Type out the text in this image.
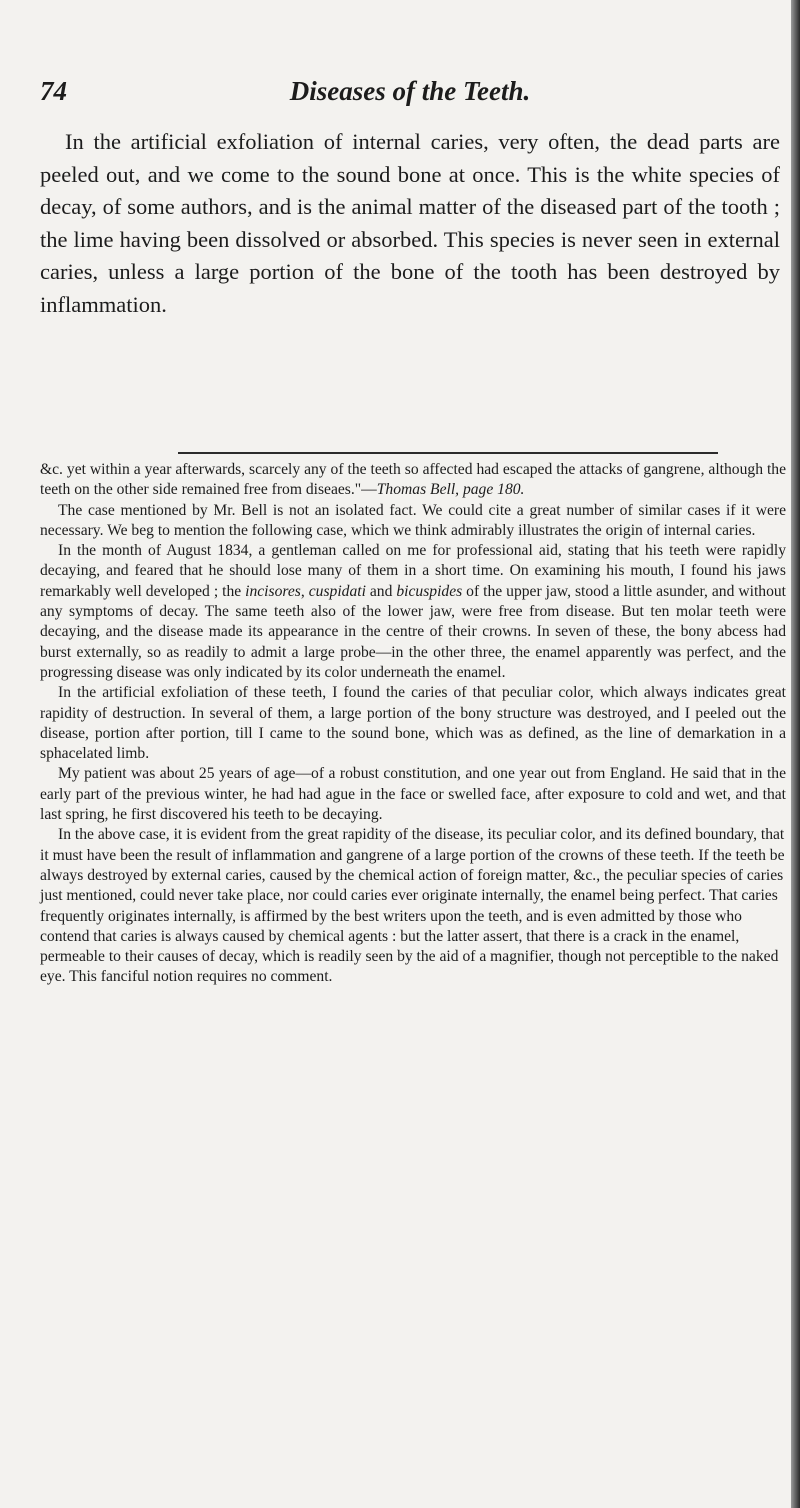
74	Diseases of the Teeth.

In the artificial exfoliation of internal caries, very often, the dead parts are peeled out, and we come to the sound bone at once. This is the white species of decay, of some authors, and is the animal matter of the diseased part of the tooth ; the lime having been dissolved or absorbed. This species is never seen in external caries, unless a large portion of the bone of the tooth has been destroyed by inflammation.

&c. yet within a year afterwards, scarcely any of the teeth so affected had escaped the attacks of gangrene, although the teeth on the other side remained free from diseaes."—Thomas Bell, page 180.

The case mentioned by Mr. Bell is not an isolated fact. We could cite a great number of similar cases if it were necessary. We beg to mention the following case, which we think admirably illustrates the origin of internal caries.

In the month of August 1834, a gentleman called on me for professional aid, stating that his teeth were rapidly decaying, and feared that he should lose many of them in a short time. On examining his mouth, I found his jaws remarkably well developed ; the incisores, cuspidati and bicuspides of the upper jaw, stood a little asunder, and without any symptoms of decay. The same teeth also of the lower jaw, were free from disease. But ten molar teeth were decaying, and the disease made its appearance in the centre of their crowns. In seven of these, the bony abcess had burst externally, so as readily to admit a large probe—in the other three, the enamel apparently was perfect, and the progressing disease was only indicated by its color underneath the enamel.

In the artificial exfoliation of these teeth, I found the caries of that peculiar color, which always indicates great rapidity of destruction. In several of them, a large portion of the bony structure was destroyed, and I peeled out the disease, portion after portion, till I came to the sound bone, which was as defined, as the line of demarkation in a sphacelated limb.

My patient was about 25 years of age—of a robust constitution, and one year out from England. He said that in the early part of the previous winter, he had had ague in the face or swelled face, after exposure to cold and wet, and that last spring, he first discovered his teeth to be decaying.

In the above case, it is evident from the great rapidity of the disease, its peculiar color, and its defined boundary, that it must have been the result of inflammation and gangrene of a large portion of the crowns of these teeth. If the teeth be always destroyed by external caries, caused by the chemical action of foreign matter, &c., the peculiar species of caries just mentioned, could never take place, nor could caries ever originate internally, the enamel being perfect. That caries frequently originates internally, is affirmed by the best writers upon the teeth, and is even admitted by those who contend that caries is always caused by chemical agents : but the latter assert, that there is a crack in the enamel, permeable to their causes of decay, which is readily seen by the aid of a magnifier, though not perceptible to the naked eye. This fanciful notion requires no comment.
